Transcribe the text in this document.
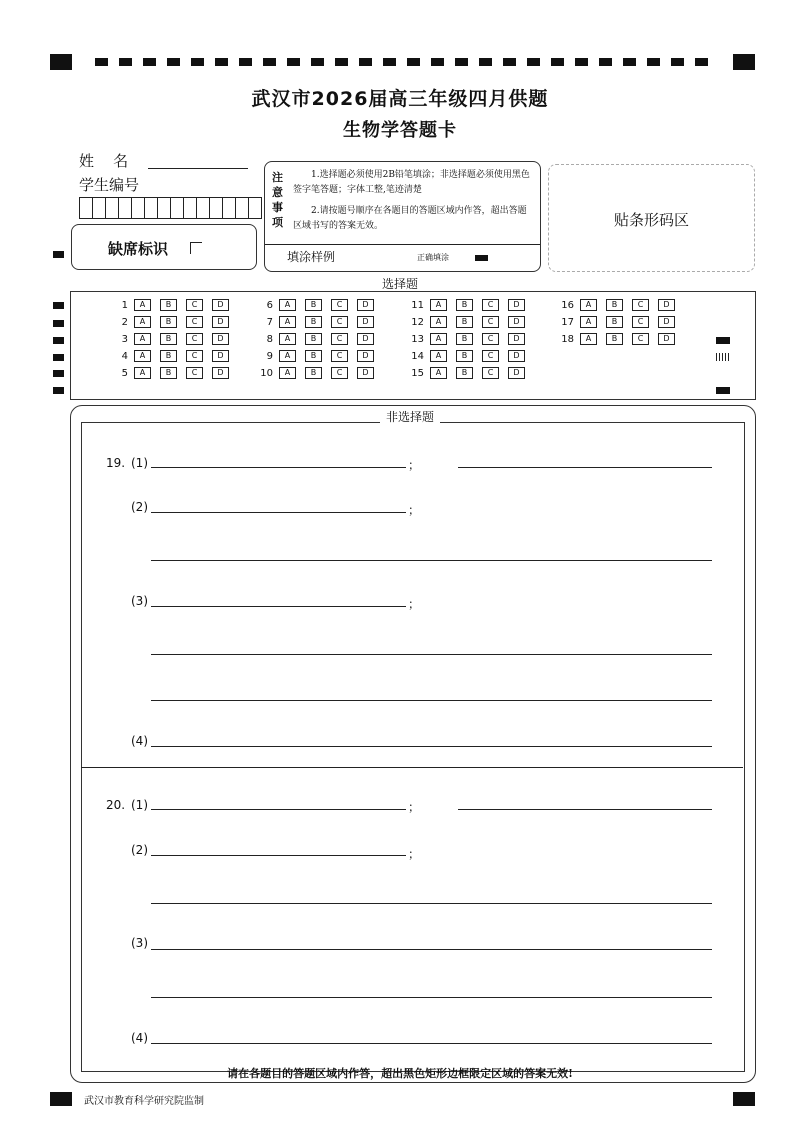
武汉市2026届高三年级四月供题
生物学答题卡
姓    名
学生编号
缺席标识
注
意
事
项
1.选择题必须使用2B铅笔填涂；非选择题必须使用黑色签字笔答题；字体工整,笔迹清楚
2.请按题号顺序在各题目的答题区域内作答，超出答题区域书写的答案无效。
填涂样例	正确填涂
贴条形码区
选择题
1	A	B	C	D
2	A	B	C	D
3	A	B	C	D
4	A	B	C	D
5	A	B	C	D
6	A	B	C	D
7	A	B	C	D
8	A	B	C	D
9	A	B	C	D
10	A	B	C	D
11	A	B	C	D
12	A	B	C	D
13	A	B	C	D
14	A	B	C	D
15	A	B	C	D
16	A	B	C	D
17	A	B	C	D
18	A	B	C	D
非选择题
19. (1)	；
(2)	；
(3)	；
(4)
20. (1)	；
(2)	；
(3)
(4)
请在各题目的答题区域内作答，超出黑色矩形边框限定区域的答案无效!
武汉市教育科学研究院监制
